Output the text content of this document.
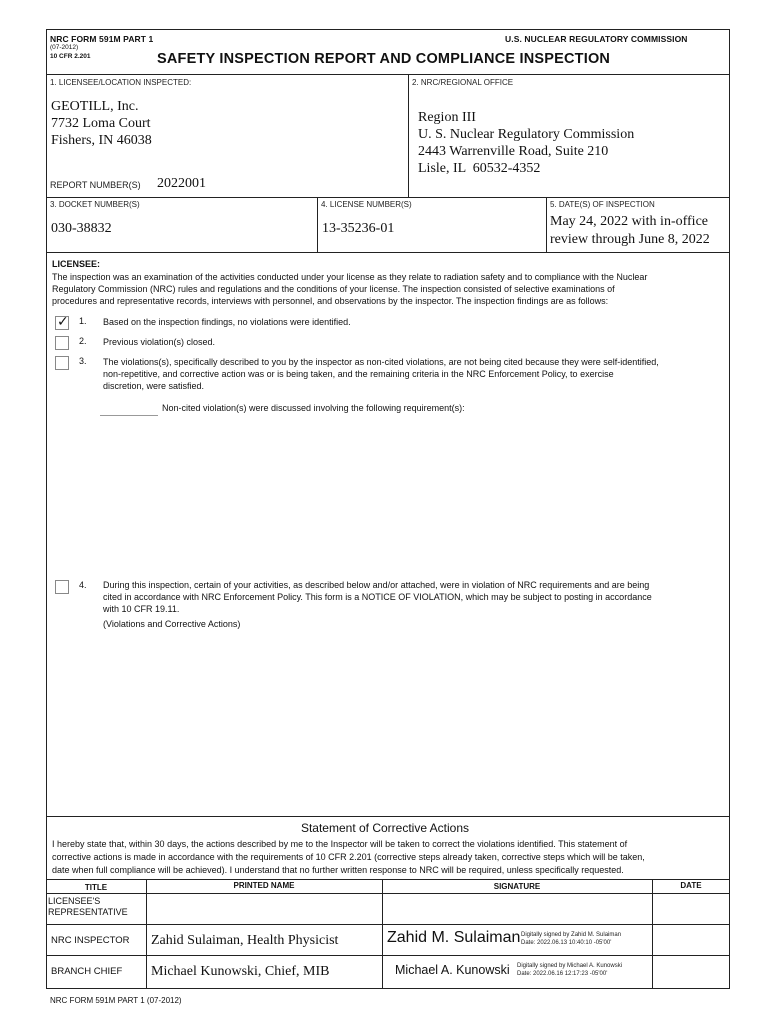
NRC FORM 591M PART 1
(07-2012)
10 CFR 2.201
U.S. NUCLEAR REGULATORY COMMISSION
SAFETY INSPECTION REPORT AND COMPLIANCE INSPECTION
1. LICENSEE/LOCATION INSPECTED:
GEOTILL, Inc.
7732 Loma Court
Fishers, IN 46038
REPORT NUMBER(S) 2022001
2. NRC/REGIONAL OFFICE
Region III
U. S. Nuclear Regulatory Commission
2443 Warrenville Road, Suite 210
Lisle, IL  60532-4352
3. DOCKET NUMBER(S)
030-38832
4. LICENSE NUMBER(S)
13-35236-01
5. DATE(S) OF INSPECTION
May 24, 2022 with in-office
review through June 8, 2022
LICENSEE:
The inspection was an examination of the activities conducted under your license as they relate to radiation safety and to compliance with the Nuclear
Regulatory Commission (NRC) rules and regulations and the conditions of your license. The inspection consisted of selective examinations of
procedures and representative records, interviews with personnel, and observations by the inspector. The inspection findings are as follows:
✓ 1. Based on the inspection findings, no violations were identified.
2. Previous violation(s) closed.
3. The violations(s), specifically described to you by the inspector as non-cited violations, are not being cited because they were self-identified,
non-repetitive, and corrective action was or is being taken, and the remaining criteria in the NRC Enforcement Policy, to exercise
discretion, were satisfied.
Non-cited violation(s) were discussed involving the following requirement(s):
4. During this inspection, certain of your activities, as described below and/or attached, were in violation of NRC requirements and are being
cited in accordance with NRC Enforcement Policy. This form is a NOTICE OF VIOLATION, which may be subject to posting in accordance
with 10 CFR 19.11.
(Violations and Corrective Actions)
Statement of Corrective Actions
I hereby state that, within 30 days, the actions described by me to the Inspector will be taken to correct the violations identified. This statement of
corrective actions is made in accordance with the requirements of 10 CFR 2.201 (corrective steps already taken, corrective steps which will be taken,
date when full compliance will be achieved). I understand that no further written response to NRC will be required, unless specifically requested.
TITLE	PRINTED NAME	SIGNATURE	DATE
LICENSEE'S
REPRESENTATIVE
NRC INSPECTOR Zahid Sulaiman, Health Physicist	Zahid M. Sulaiman Digitally signed by Zahid M. Sulaiman
Date: 2022.06.13 10:40:10 -05'00'
BRANCH CHIEF Michael Kunowski, Chief, MIB	Michael A. Kunowski Digitally signed by Michael A. Kunowski
Date: 2022.06.16 12:17:23 -05'00'
NRC FORM 591M PART 1 (07-2012)
